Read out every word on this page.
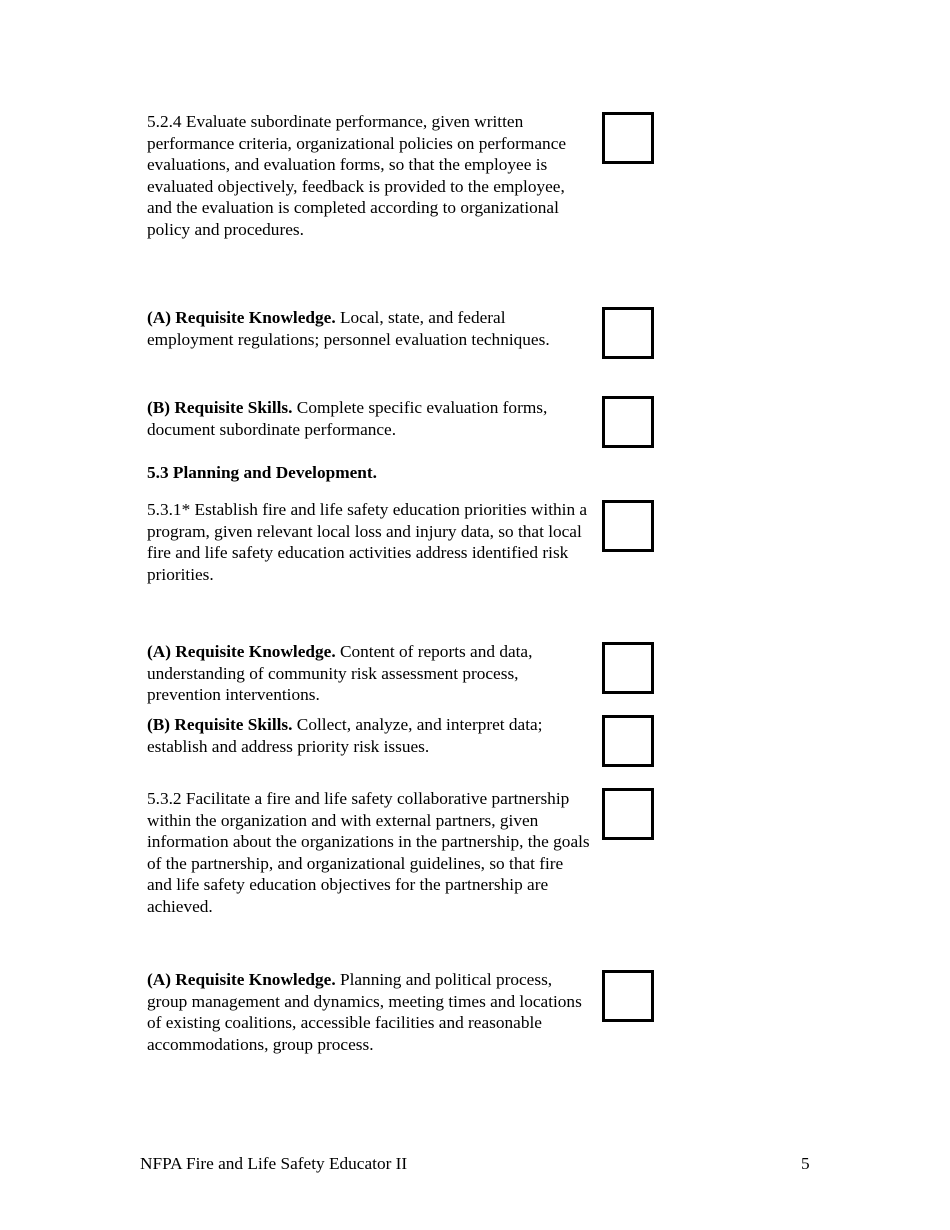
5.2.4 Evaluate subordinate performance, given written performance criteria, organizational policies on performance evaluations, and evaluation forms, so that the employee is evaluated objectively, feedback is provided to the employee, and the evaluation is completed according to organizational policy and procedures.

(A) Requisite Knowledge. Local, state, and federal employment regulations; personnel evaluation techniques.

(B) Requisite Skills. Complete specific evaluation forms, document subordinate performance.

5.3 Planning and Development.

5.3.1* Establish fire and life safety education priorities within a program, given relevant local loss and injury data, so that local fire and life safety education activities address identified risk priorities.

(A) Requisite Knowledge. Content of reports and data, understanding of community risk assessment process, prevention interventions.

(B) Requisite Skills. Collect, analyze, and interpret data; establish and address priority risk issues.

5.3.2 Facilitate a fire and life safety collaborative partnership within the organization and with external partners, given information about the organizations in the partnership, the goals of the partnership, and organizational guidelines, so that fire and life safety education objectives for the partnership are achieved.

(A) Requisite Knowledge. Planning and political process, group management and dynamics, meeting times and locations of existing coalitions, accessible facilities and reasonable accommodations, group process.

NFPA Fire and Life Safety Educator II	5
